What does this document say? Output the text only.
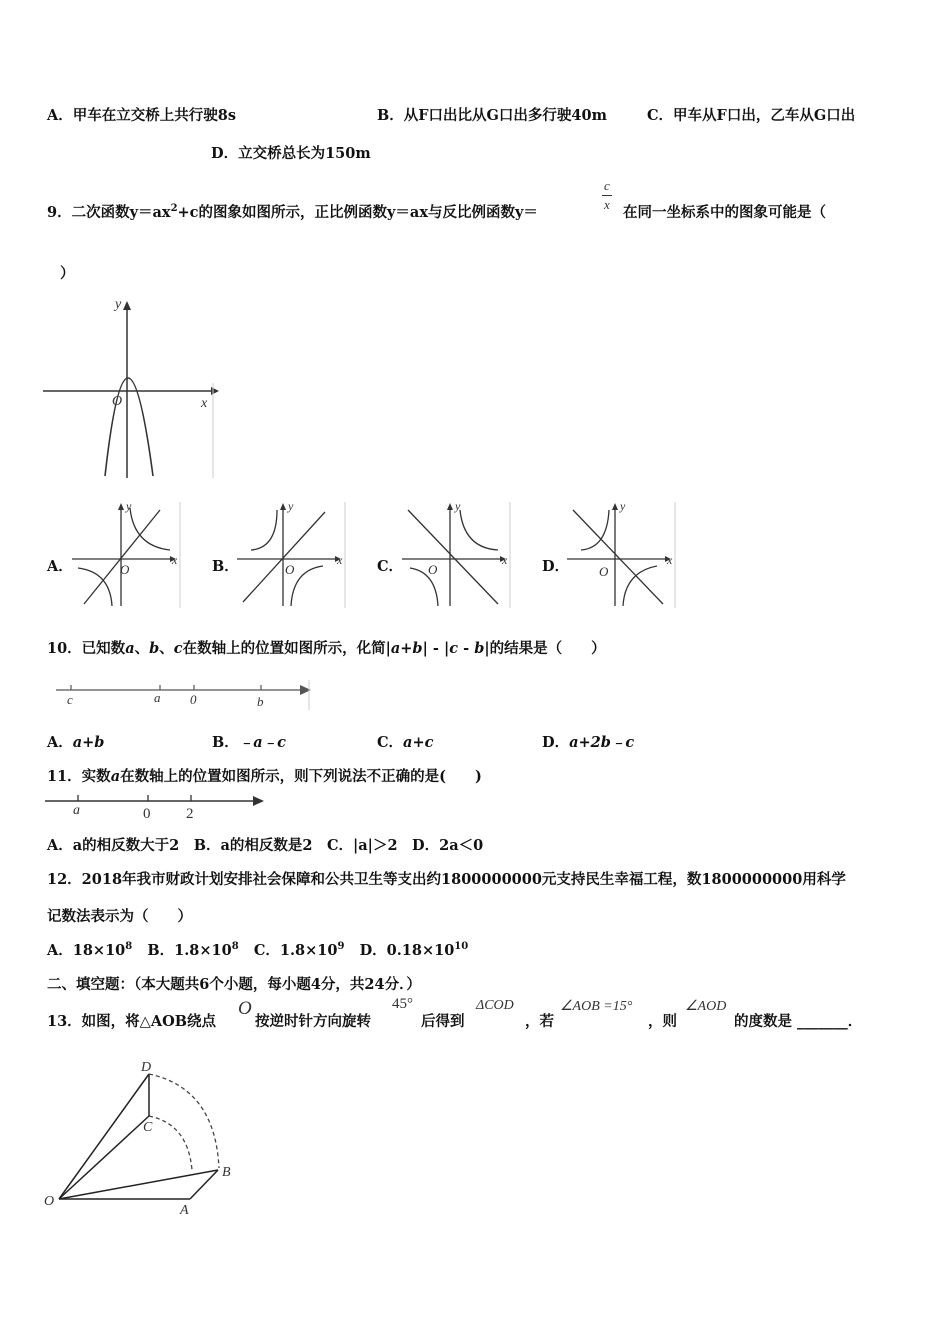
A．甲车在立交桥上共行驶8s	B．从F口出比从G口出多行驶40m	C．甲车从F口出，乙车从G口出
D．立交桥总长为150m
9．二次函数$y=ax^2+c$的图象如图所示，正比例函数y＝ax与反比例函数y＝	$\frac{c}{x}$ 在同一坐标系中的图象可能是（
）
y
x
O
A．
y
x
O	B．
y
x
O	C．
y
x
O	D．
y
x
O
10．已知数a、b、c在数轴上的位置如图所示，化简|a+b| - |c - b|的结果是（　　）
c	a 0	b
A．a+b	B．﹣a﹣c	C．a+c	D．a+2b﹣c
11．实数a在数轴上的位置如图所示，则下列说法不正确的是(　　)
a	0 2
A．a的相反数大于2　B．a的相反数是2　C．|a|＞2　D．2a＜0
12．2018年我市财政计划安排社会保障和公共卫生等支出约1800000000元支持民生幸福工程，数1800000000用科学
记数法表示为（　　）
A．$18\times 10^8$ B．$1.8\times 10^8$ C．$1.8\times 10^9$ D．$0.18\times 10^{10}$
二、填空题：（本大题共6个小题，每小题4分，共24分．）
13．如图，将△AOB绕点
O
按逆时针方向旋转
45°
后得到
ΔCOD
，若
∠AOB =15°
，则
∠AOD
的度数是 _______．
D
C
B
O
A
